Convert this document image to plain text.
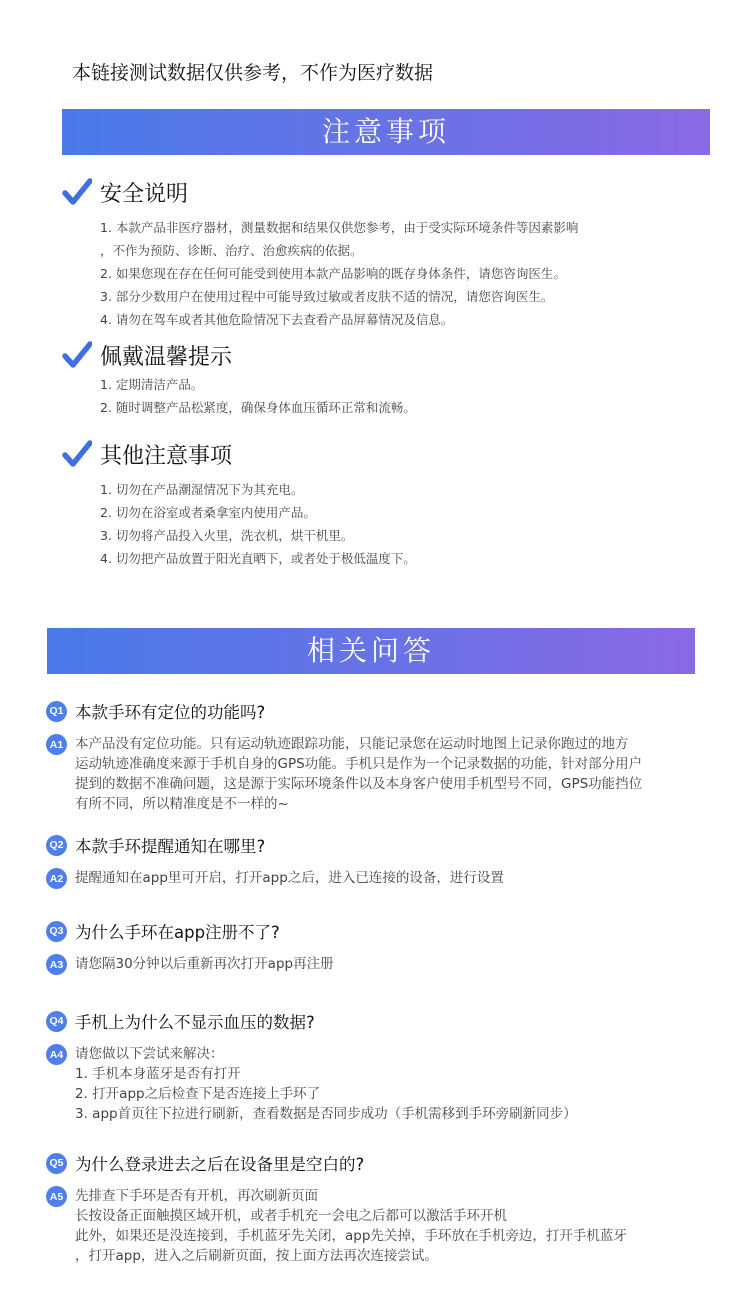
本链接测试数据仅供参考，不作为医疗数据
注意事项
安全说明
1. 本款产品非医疗器材，测量数据和结果仅供您参考，由于受实际环境条件等因素影响
，不作为预防、诊断、治疗、治愈疾病的依据。
2. 如果您现在存在任何可能受到使用本款产品影响的既存身体条件，请您咨询医生。
3. 部分少数用户在使用过程中可能导致过敏或者皮肤不适的情况，请您咨询医生。
4. 请勿在驾车或者其他危险情况下去查看产品屏幕情况及信息。
佩戴温馨提示
1. 定期清洁产品。
2. 随时调整产品松紧度，确保身体血压循环正常和流畅。
其他注意事项
1. 切勿在产品潮湿情况下为其充电。
2. 切勿在浴室或者桑拿室内使用产品。
3. 切勿将产品投入火里，洗衣机，烘干机里。
4. 切勿把产品放置于阳光直晒下，或者处于极低温度下。
相关问答
Q1 本款手环有定位的功能吗?
A1 本产品没有定位功能。只有运动轨迹跟踪功能，只能记录您在运动时地图上记录你跑过的地方
运动轨迹准确度来源于手机自身的GPS功能。手机只是作为一个记录数据的功能，针对部分用户
提到的数据不准确问题，这是源于实际环境条件以及本身客户使用手机型号不同，GPS功能挡位
有所不同，所以精准度是不一样的~
Q2 本款手环提醒通知在哪里?
A2 提醒通知在app里可开启，打开app之后，进入已连接的设备，进行设置
Q3 为什么手环在app注册不了?
A3 请您隔30分钟以后重新再次打开app再注册
Q4 手机上为什么不显示血压的数据?
A4 请您做以下尝试来解决：
1. 手机本身蓝牙是否有打开
2. 打开app之后检查下是否连接上手环了
3. app首页往下拉进行刷新，查看数据是否同步成功（手机需移到手环旁刷新同步）
Q5 为什么登录进去之后在设备里是空白的?
A5 先排查下手环是否有开机，再次刷新页面
长按设备正面触摸区域开机，或者手机充一会电之后都可以激活手环开机
此外，如果还是没连接到，手机蓝牙先关闭，app先关掉，手环放在手机旁边，打开手机蓝牙
，打开app，进入之后刷新页面，按上面方法再次连接尝试。
